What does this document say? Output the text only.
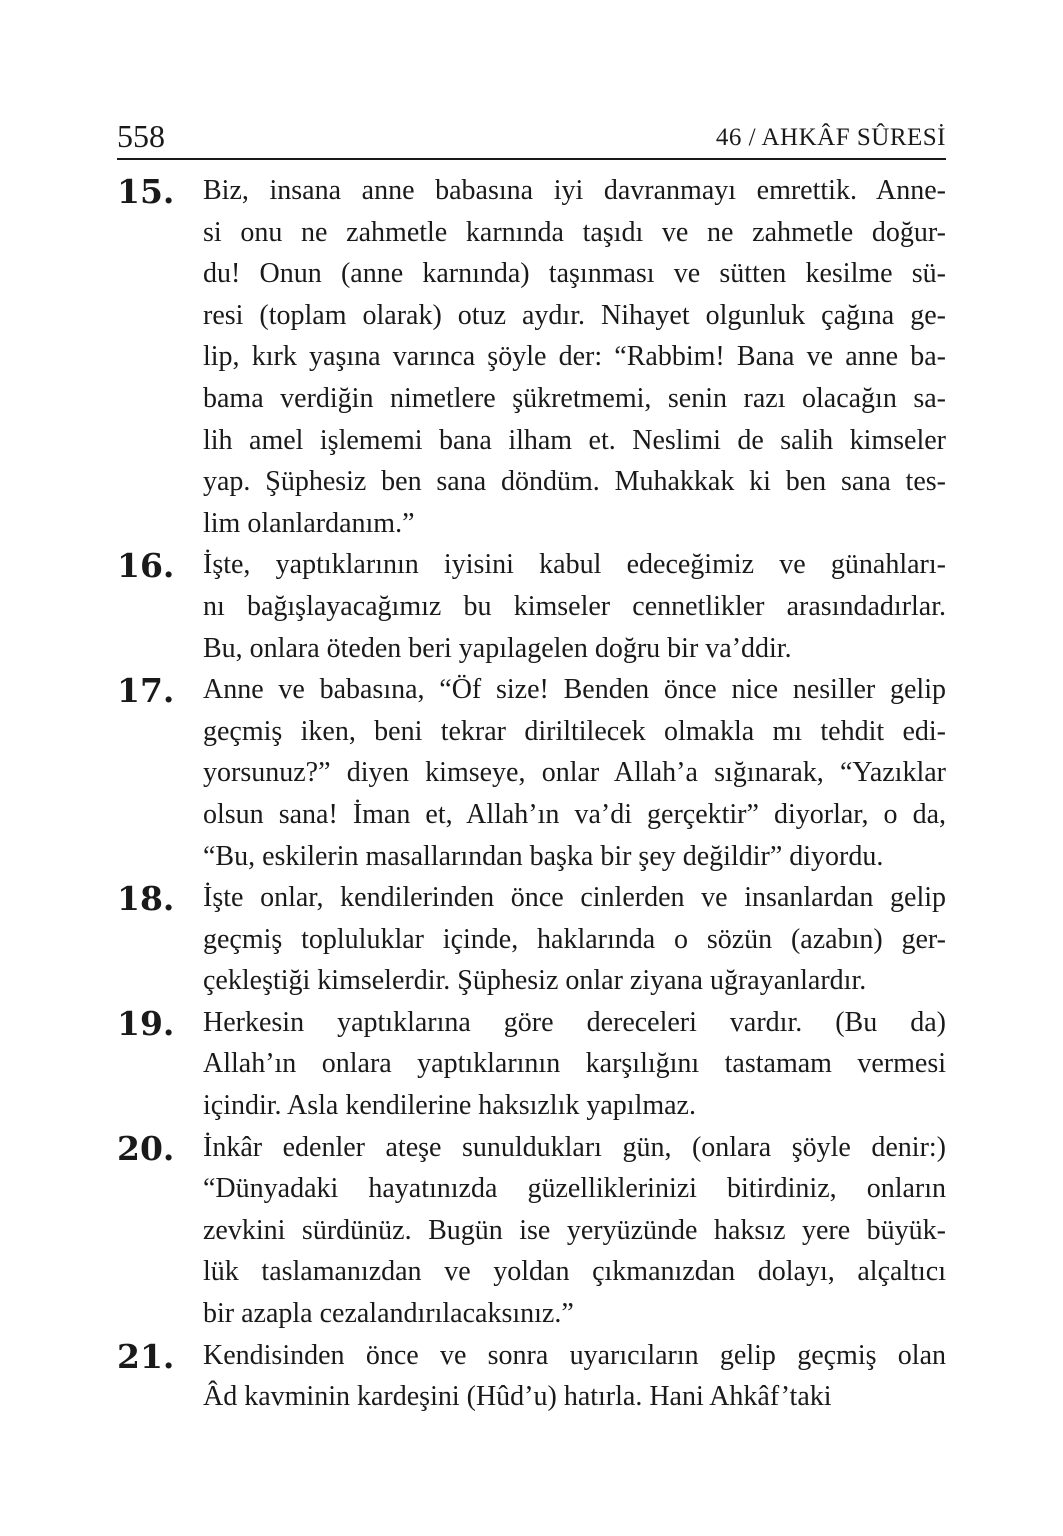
558	46 / AHKÂF SÛRESİ
15. Biz, insana anne babasına iyi davranmayı emrettik. Anne-
si onu ne zahmetle karnında taşıdı ve ne zahmetle doğur-
du! Onun (anne karnında) taşınması ve sütten kesilme sü-
resi (toplam olarak) otuz aydır. Nihayet olgunluk çağına ge-
lip, kırk yaşına varınca şöyle der: “Rabbim! Bana ve anne ba-
bama verdiğin nimetlere şükretmemi, senin razı olacağın sa-
lih amel işlememi bana ilham et. Neslimi de salih kimseler
yap. Şüphesiz ben sana döndüm. Muhakkak ki ben sana tes-
lim olanlardanım.”
16. İşte, yaptıklarının iyisini kabul edeceğimiz ve günahları-
nı bağışlayacağımız bu kimseler cennetlikler arasındadırlar.
Bu, onlara öteden beri yapılagelen doğru bir va’ddir.
17. Anne ve babasına, “Öf size! Benden önce nice nesiller gelip
geçmiş iken, beni tekrar diriltilecek olmakla mı tehdit edi-
yorsunuz?” diyen kimseye, onlar Allah’a sığınarak, “Yazıklar
olsun sana! İman et, Allah’ın va’di gerçektir” diyorlar, o da,
“Bu, eskilerin masallarından başka bir şey değildir” diyordu.
18. İşte onlar, kendilerinden önce cinlerden ve insanlardan gelip
geçmiş topluluklar içinde, haklarında o sözün (azabın) ger-
çekleştiği kimselerdir. Şüphesiz onlar ziyana uğrayanlardır.
19. Herkesin yaptıklarına göre dereceleri vardır. (Bu da)
Allah’ın onlara yaptıklarının karşılığını tastamam vermesi
içindir. Asla kendilerine haksızlık yapılmaz.
20. İnkâr edenler ateşe sunuldukları gün, (onlara şöyle denir:)
“Dünyadaki hayatınızda güzelliklerinizi bitirdiniz, onların
zevkini sürdünüz. Bugün ise yeryüzünde haksız yere büyük-
lük taslamanızdan ve yoldan çıkmanızdan dolayı, alçaltıcı
bir azapla cezalandırılacaksınız.”
21. Kendisinden önce ve sonra uyarıcıların gelip geçmiş olan
Âd kavminin kardeşini (Hûd’u) hatırla. Hani Ahkâf’taki
